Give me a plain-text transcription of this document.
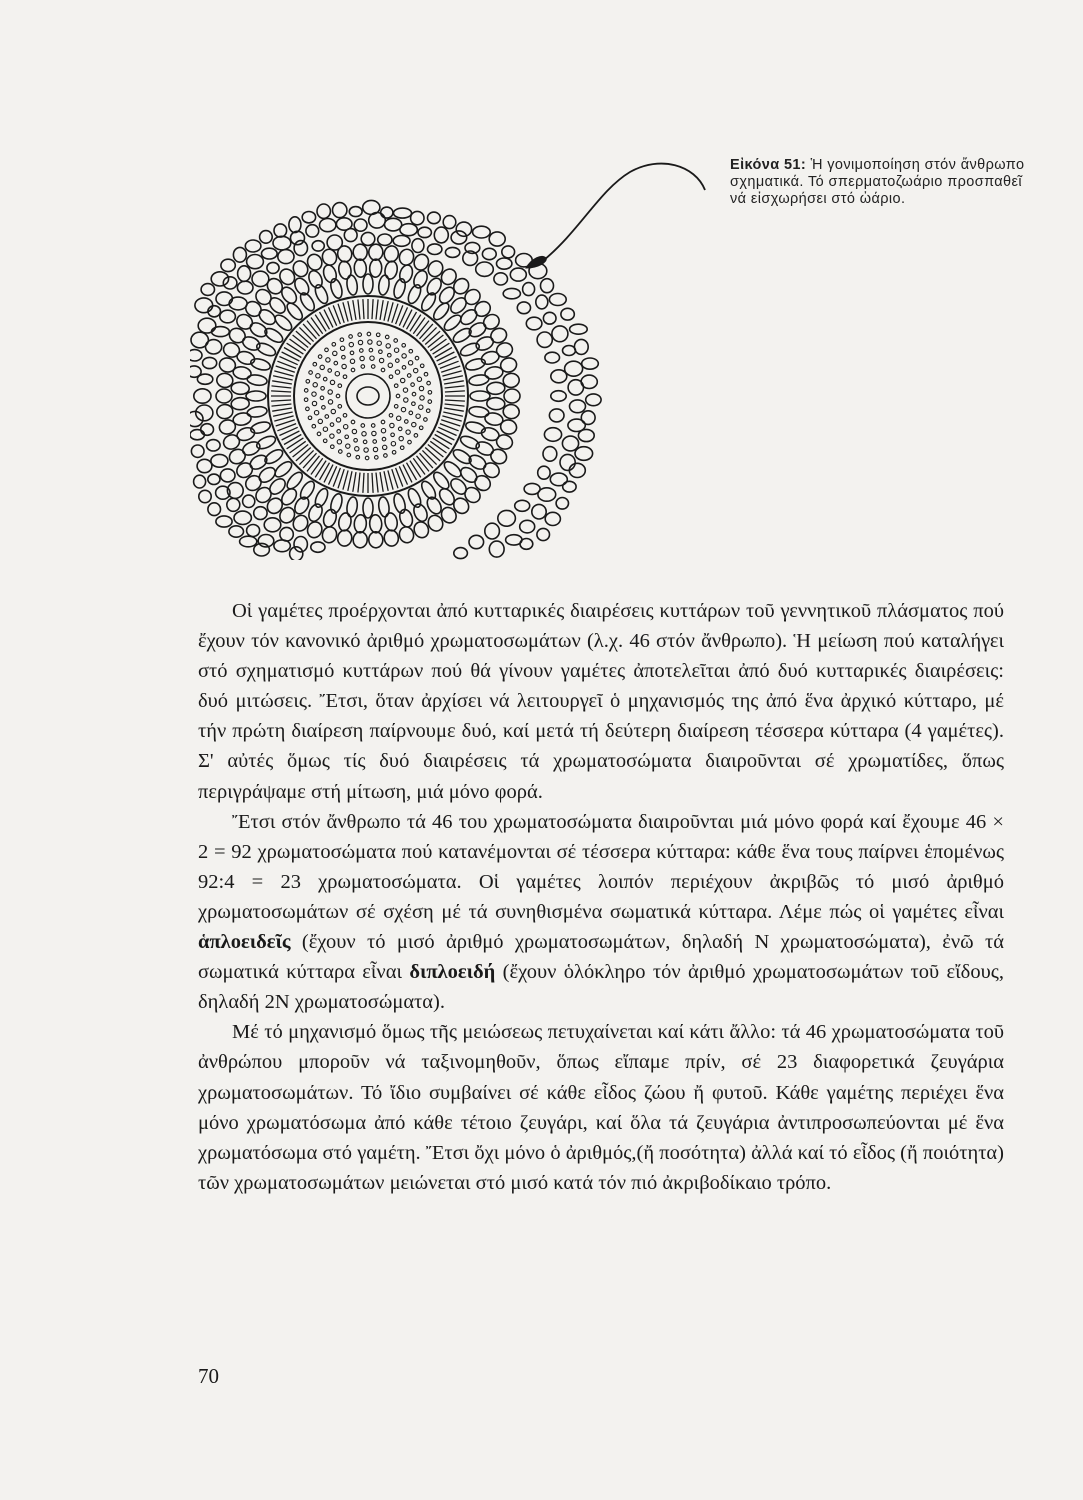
Εἰκόνα 51: Ἡ γονιμοποίηση στόν ἄνθρωπο σχηματικά. Τό σπερματοζωάριο προσπαθεῖ νά εἰσχωρήσει στό ὠάριο.

Οἱ γαμέτες προέρχονται ἀπό κυτταρικές διαιρέσεις κυττάρων τοῦ γεννητικοῦ πλάσματος πού ἔχουν τόν κανονικό ἀριθμό χρωματοσωμάτων (λ.χ. 46 στόν ἄνθρωπο). Ἡ μείωση πού καταλήγει στό σχηματισμό κυττάρων πού θά γίνουν γαμέτες ἀποτελεῖται ἀπό δυό κυτταρικές διαιρέσεις: δυό μιτώσεις. Ἔτσι, ὅταν ἀρχίσει νά λειτουργεῖ ὁ μηχανισμός της ἀπό ἕνα ἀρχικό κύτταρο, μέ τήν πρώτη διαίρεση παίρνουμε δυό, καί μετά τή δεύτερη διαίρεση τέσσερα κύτταρα (4 γαμέτες). Σ' αὐτές ὅμως τίς δυό διαιρέσεις τά χρωματοσώματα διαιροῦνται σέ χρωματίδες, ὅπως περιγράψαμε στή μίτωση, μιά μόνο φορά.

Ἔτσι στόν ἄνθρωπο τά 46 του χρωματοσώματα διαιροῦνται μιά μόνο φορά καί ἔχουμε 46 × 2 = 92 χρωματοσώματα πού κατανέμονται σέ τέσσερα κύτταρα: κάθε ἕνα τους παίρνει ἑπομένως 92:4 = 23 χρωματοσώματα. Οἱ γαμέτες λοιπόν περιέχουν ἀκριβῶς τό μισό ἀριθμό χρωματοσωμάτων σέ σχέση μέ τά συνηθισμένα σωματικά κύτταρα. Λέμε πώς οἱ γαμέτες εἶναι ἁπλοειδεῖς (ἔχουν τό μισό ἀριθμό χρωματοσωμάτων, δηλαδή Ν χρωματοσώματα), ἐνῶ τά σωματικά κύτταρα εἶναι διπλοειδή (ἔχουν ὁλόκληρο τόν ἀριθμό χρωματοσωμάτων τοῦ εἴδους, δηλαδή 2Ν χρωματοσώματα).

Μέ τό μηχανισμό ὅμως τῆς μειώσεως πετυχαίνεται καί κάτι ἄλλο: τά 46 χρωματοσώματα τοῦ ἀνθρώπου μποροῦν νά ταξινομηθοῦν, ὅπως εἴπαμε πρίν, σέ 23 διαφορετικά ζευγάρια χρωματοσωμάτων. Τό ἴδιο συμβαίνει σέ κάθε εἶδος ζώου ἤ φυτοῦ. Κάθε γαμέτης περιέχει ἕνα μόνο χρωματόσωμα ἀπό κάθε τέτοιο ζευγάρι, καί ὅλα τά ζευγάρια ἀντιπροσωπεύονται μέ ἕνα χρωματόσωμα στό γαμέτη. Ἔτσι ὄχι μόνο ὁ ἀριθμός,(ἤ ποσότητα) ἀλλά καί τό εἶδος (ἤ ποιότητα) τῶν χρωματοσωμάτων μειώνεται στό μισό κατά τόν πιό ἀκριβοδίκαιο τρόπο.

70
